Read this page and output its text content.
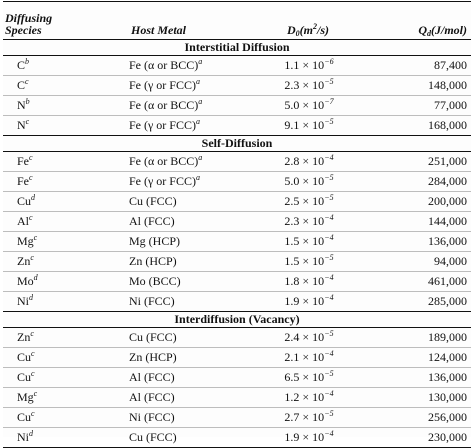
Diffusing
Species	Host Metal	$D_0(m^2/s)$	$Q_d(J/mol)$
Interstitial Diffusion			
$C^b$	Fe (α or BCC)$^a$	$1.1 \times 10^{-6}$	87,400
$C^c$	Fe (γ or FCC)$^a$	$2.3 \times 10^{-5}$	148,000
$N^b$	Fe (α or BCC)$^a$	$5.0 \times 10^{-7}$	77,000
$N^c$	Fe (γ or FCC)$^a$	$9.1 \times 10^{-5}$	168,000
Self-Diffusion			
Fe$^c$	Fe (α or BCC)$^a$	$2.8 \times 10^{-4}$	251,000
Fe$^c$	Fe (γ or FCC)$^a$	$5.0 \times 10^{-5}$	284,000
Cu$^d$	Cu (FCC)	$2.5 \times 10^{-5}$	200,000
Al$^c$	Al (FCC)	$2.3 \times 10^{-4}$	144,000
Mg$^c$	Mg (HCP)	$1.5 \times 10^{-4}$	136,000
Zn$^c$	Zn (HCP)	$1.5 \times 10^{-5}$	94,000
Mo$^d$	Mo (BCC)	$1.8 \times 10^{-4}$	461,000
Ni$^d$	Ni (FCC)	$1.9 \times 10^{-4}$	285,000
Interdiffusion (Vacancy)			
Zn$^c$	Cu (FCC)	$2.4 \times 10^{-5}$	189,000
Cu$^c$	Zn (HCP)	$2.1 \times 10^{-4}$	124,000
Cu$^c$	Al (FCC)	$6.5 \times 10^{-5}$	136,000
Mg$^c$	Al (FCC)	$1.2 \times 10^{-4}$	130,000
Cu$^c$	Ni (FCC)	$2.7 \times 10^{-5}$	256,000
Ni$^d$	Cu (FCC)	$1.9 \times 10^{-4}$	230,000
